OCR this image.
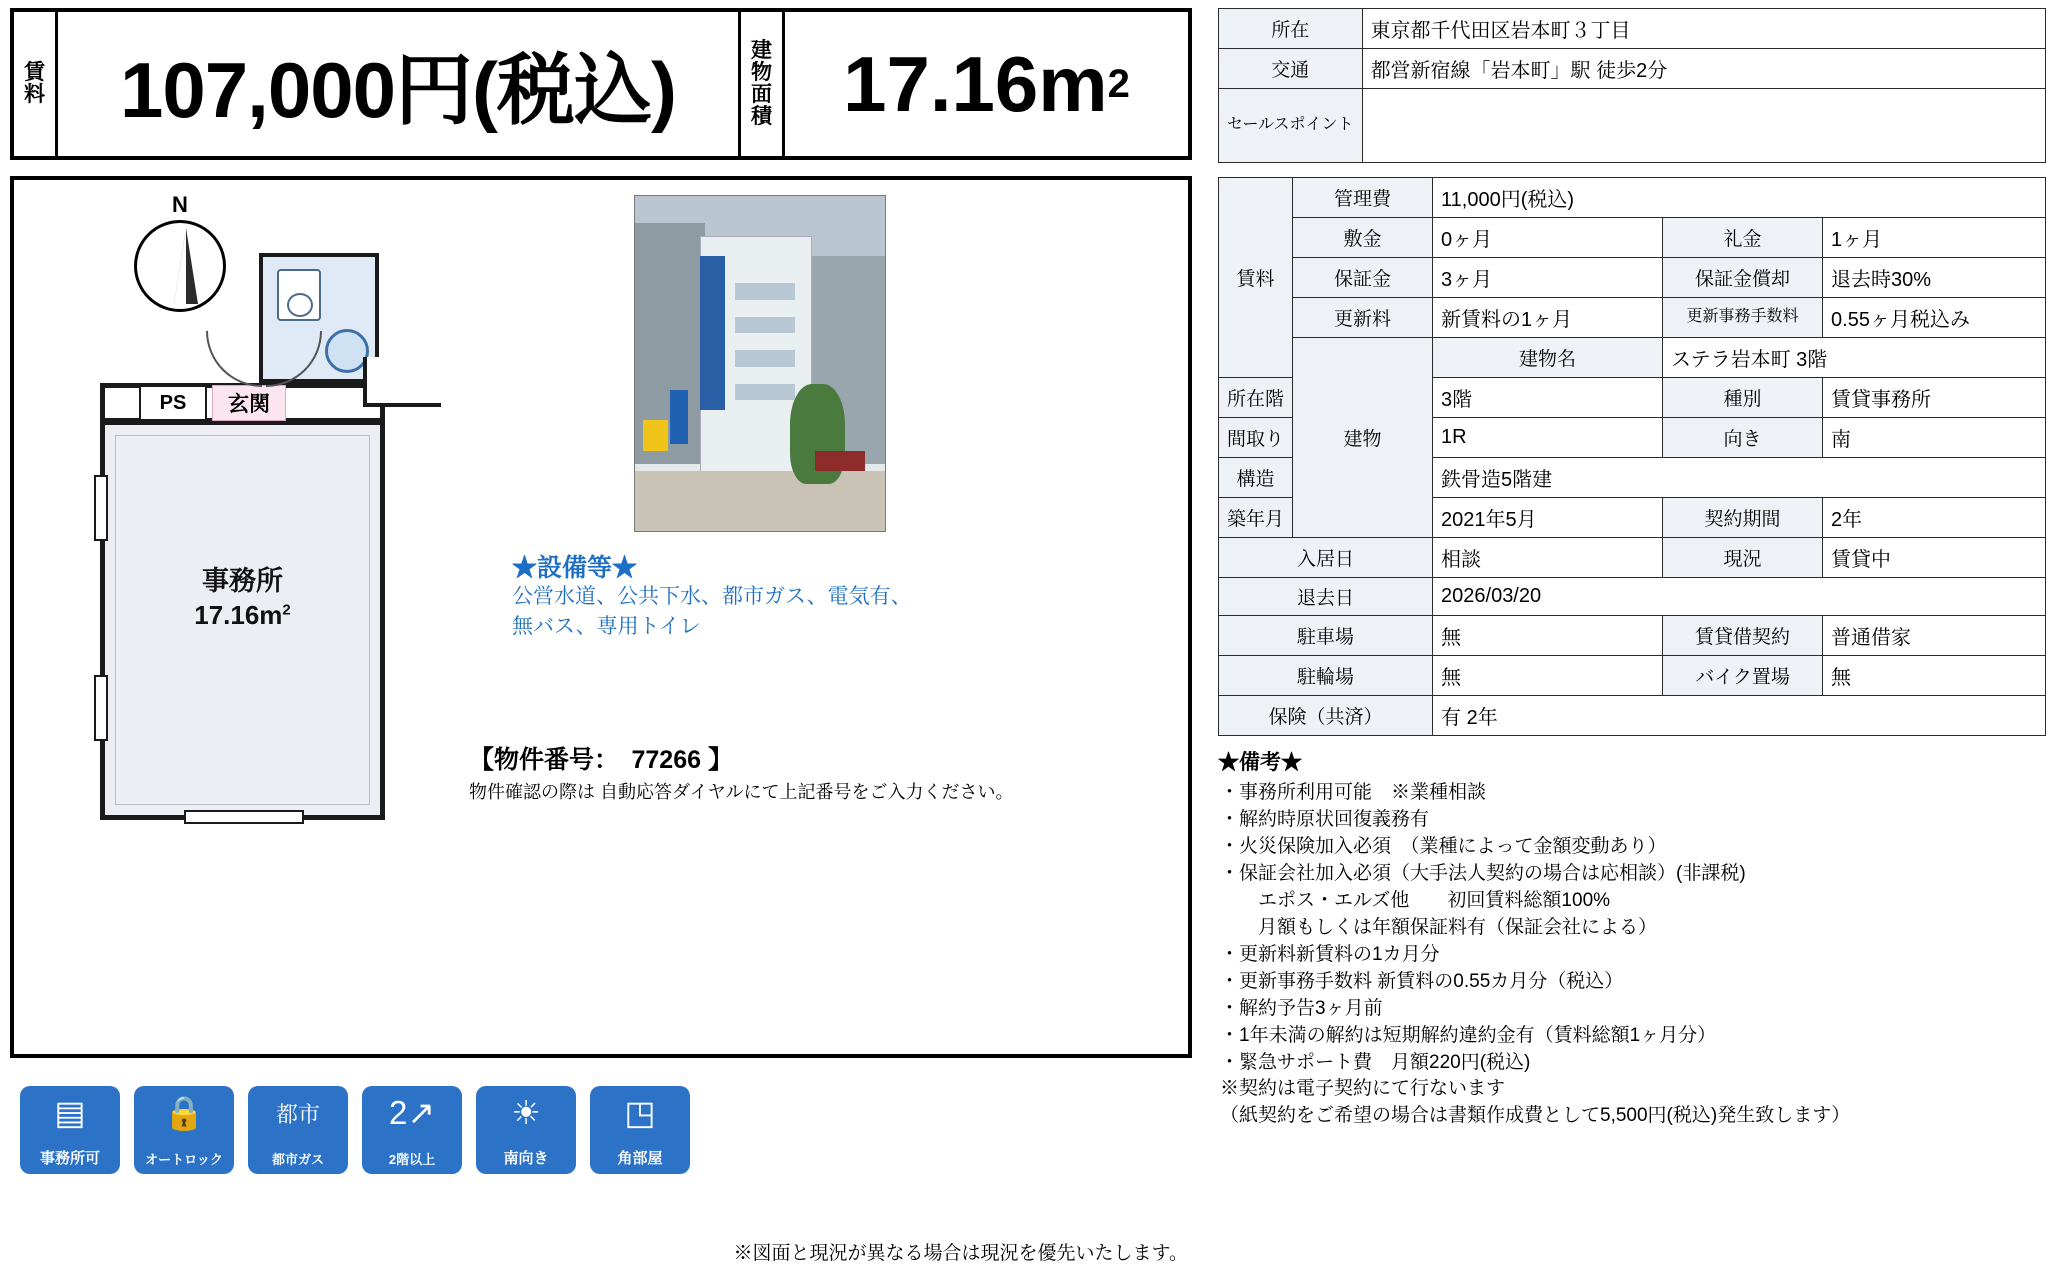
賃料 107,000円(税込)	建物面積 17.16m 2
N
事務所
$17.16m^2$
PS	玄関
★設備等★
公営水道、公共下水、都市ガス、電気有、無バス、専用トイレ
【物件番号：　77266 】
物件確認の際は 自動応答ダイヤルにて上記番号をご入力ください。
※図面と現況が異なる場合は現況を優先いたします。
▤
事務所可
🔒
オートロック
都市
都市ガス
2↗
2階以上
☀
南向き
◳
角部屋
所在	東京都千代田区岩本町３丁目
交通	都営新宿線「岩本町」駅 徒歩2分
セールスポイント	
賃料	管理費	11,000円(税込)		
	敷金	0ヶ月	礼金	1ヶ月
	保証金	3ヶ月	保証金償却	退去時30%
	更新料	新賃料の1ヶ月	更新事務手数料	0.55ヶ月税込み
	建物	建物名	ステラ岩本町 3階	
所在階		3階	種別	賃貸事務所
間取り		1R	向き	南
構造		鉄骨造5階建		
築年月		2021年5月	契約期間	2年
入居日		相談	現況	賃貸中
退去日		2026/03/20		
駐車場		無	賃貸借契約	普通借家
駐輪場		無	バイク置場	無
保険（共済）		有 2年		
★備考★
・事務所利用可能　※業種相談
・解約時原状回復義務有
・火災保険加入必須　（業種によって金額変動あり）
・保証会社加入必須（大手法人契約の場合は応相談）(非課税)
　　エポス・エルズ他　　初回賃料総額100%
　　月額もしくは年額保証料有（保証会社による）
・更新料新賃料の1カ月分
・更新事務手数料 新賃料の0.55カ月分（税込）
・解約予告3ヶ月前
・1年未満の解約は短期解約違約金有（賃料総額1ヶ月分）
・緊急サポート費　月額220円(税込)
※契約は電子契約にて行ないます
（紙契約をご希望の場合は書類作成費として5,500円(税込)発生致します）
